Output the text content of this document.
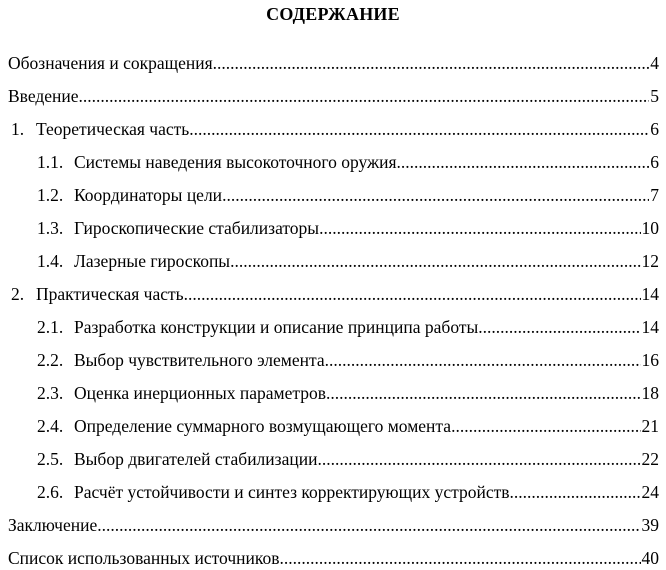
СОДЕРЖАНИЕ
Обозначения и сокращения .....	4
Введение .....	5
1. Теоретическая часть .....	6
1.1. Системы наведения высокоточного оружия .....	6
1.2. Координаторы цели .....	7
1.3. Гироскопические стабилизаторы .....	10
1.4. Лазерные гироскопы .....	12
2. Практическая часть .....	14
2.1. Разработка конструкции и описание принципа работы .....	14
2.2. Выбор чувствительного элемента .....	16
2.3. Оценка инерционных параметров .....	18
2.4. Определение суммарного возмущающего момента .....	21
2.5. Выбор двигателей стабилизации .....	22
2.6. Расчёт устойчивости и синтез корректирующих устройств .....	24
Заключение .....	39
Список использованных источников .....	40
